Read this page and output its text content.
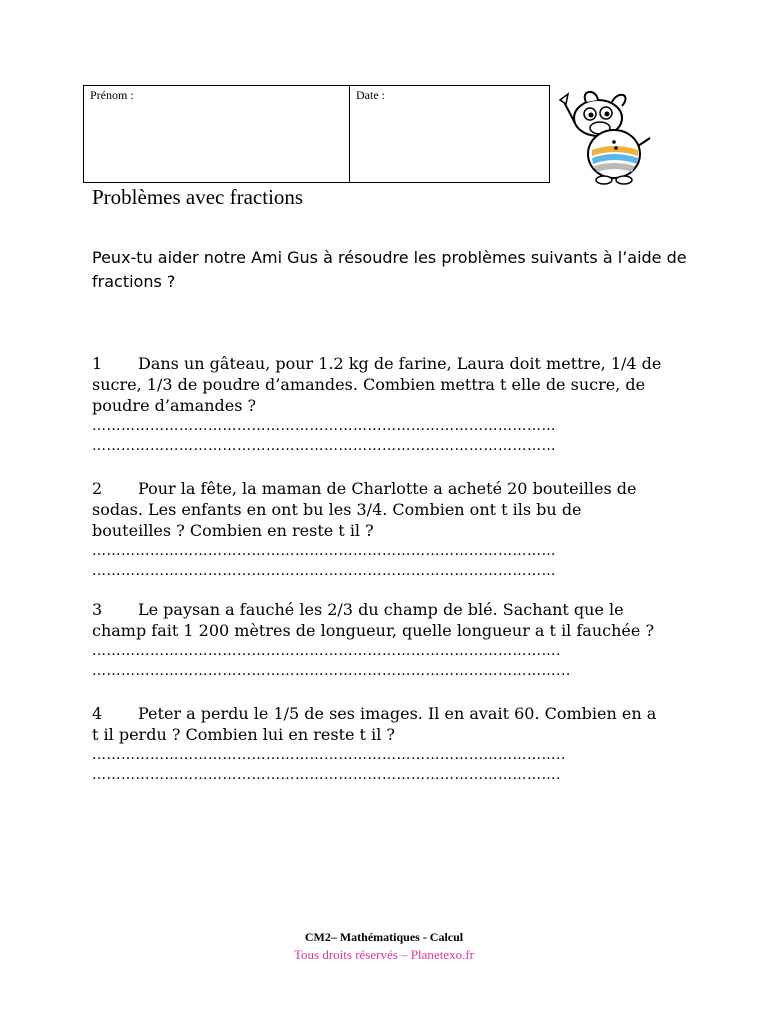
Prénom :	Date :
Problèmes avec fractions
Peux-tu aider notre Ami Gus à résoudre les problèmes suivants à l’aide de fractions ?
1 Dans un gâteau, pour 1.2 kg de farine, Laura doit mettre, 1/4 de sucre, 1/3 de poudre d’amandes. Combien mettra t elle de sucre, de poudre d’amandes ?
……………………………………………………………………………………
……………………………………………………………………………………
2 Pour la fête, la maman de Charlotte a acheté 20 bouteilles de sodas. Les enfants en ont bu les 3/4. Combien ont t ils bu de bouteilles ? Combien en reste t il ?
……………………………………………………………………………………
……………………………………………………………………………………
3 Le paysan a fauché les 2/3 du champ de blé. Sachant que le champ fait 1 200 mètres de longueur, quelle longueur a t il fauchée ?
…………………………………………………………………………………….
……………………………………………………………………………………...
4 Peter a perdu le 1/5 de ses images. Il en avait 60. Combien en a t il perdu ? Combien lui en reste t il ?
……………………………………………………………………………………..
…………………………………………………………………………………….
CM2– Mathématiques - Calcul
Tous droits réservés – Planetexo.fr
